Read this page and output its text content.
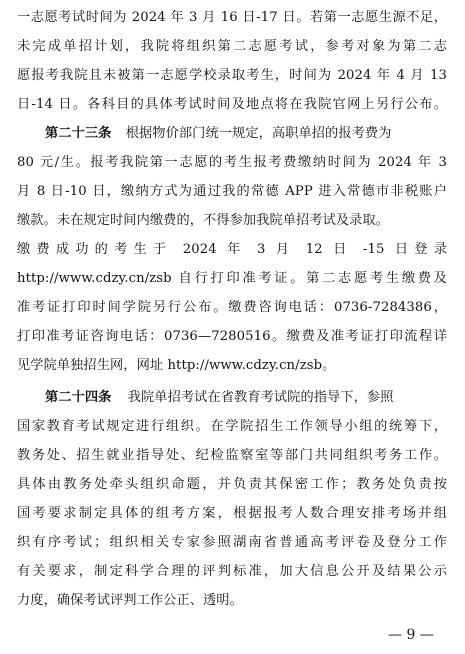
一志愿考试时间为 2024 年 3 月 16 日-17 日。若第一志愿生源不足，
未完成单招计划，我院将组织第二志愿考试，参考对象为第二志
愿报考我院且未被第一志愿学校录取考生，时间为 2024 年 4 月 13
日-14 日。各科目的具体考试时间及地点将在我院官网上另行公布。
第二十三条 根据物价部门统一规定，高职单招的报考费为
80 元/生。报考我院第一志愿的考生报考费缴纳时间为 2024 年 3
月 8 日-10 日，缴纳方式为通过我的常德 APP 进入常德市非税账户
缴款。未在规定时间内缴费的，不得参加我院单招考试及录取。
缴费成功的考生于 2024 年 3 月 12 日 -15 日登录
http://www.cdzy.cn/zsb 自行打印准考证。第二志愿考生缴费及
准考证打印时间学院另行公布。缴费咨询电话：0736-7284386，
打印准考证咨询电话：0736—7280516。缴费及准考证打印流程详
见学院单独招生网，网址 http://www.cdzy.cn/zsb。
第二十四条 我院单招考试在省教育考试院的指导下，参照
国家教育考试规定进行组织。在学院招生工作领导小组的统筹下，
教务处、招生就业指导处、纪检监察室等部门共同组织考务工作。
具体由教务处牵头组织命题，并负责其保密工作；教务处负责按
国考要求制定具体的组考方案，根据报考人数合理安排考场并组
织有序考试；组织相关专家参照湖南省普通高考评卷及登分工作
有关要求，制定科学合理的评判标准，加大信息公开及结果公示
力度，确保考试评判工作公正、透明。
— 9 —
